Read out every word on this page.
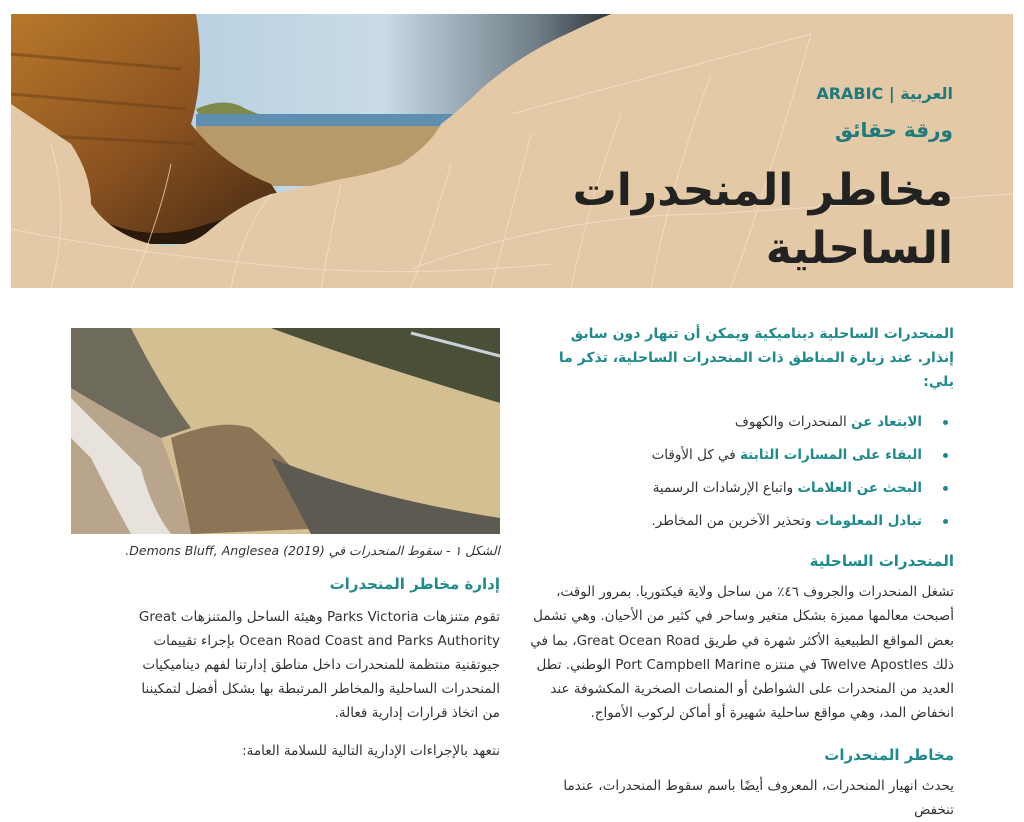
العربية | ARABIC
ورقة حقائق
مخاطر المنحدرات
الساحلية
الشكل ١ - سقوط المنحدرات في (2019) Demons Bluff, Anglesea.
إدارة مخاطر المنحدرات

تقوم متنزهات Parks Victoria وهيئة الساحل والمتنزهات Great Ocean Road Coast and Parks Authority بإجراء تقييمات جيوتقنية منتظمة للمنحدرات داخل مناطق إدارتنا لفهم ديناميكيات المنحدرات الساحلية والمخاطر المرتبطة بها بشكل أفضل لتمكيننا من اتخاذ قرارات إدارية فعالة.

نتعهد بالإجراءات الإدارية التالية للسلامة العامة:

المنحدرات الساحلية ديناميكية ويمكن أن تنهار دون سابق إنذار. عند زيارة المناطق ذات المنحدرات الساحلية، تذكر ما يلي:

الابتعاد عن المنحدرات والكهوف
البقاء على المسارات الثابتة في كل الأوقات
البحث عن العلامات واتباع الإرشادات الرسمية
تبادل المعلومات وتحذير الآخرين من المخاطر.
المنحدرات الساحلية

تشغل المنحدرات والجروف ٤٦٪ من ساحل ولاية فيكتوريا. بمرور الوقت، أصبحت معالمها مميزة بشكل متغير وساحر في كثير من الأحيان. وهي تشمل بعض المواقع الطبيعية الأكثر شهرة في طريق Great Ocean Road، بما في ذلك Twelve Apostles في منتزه Port Campbell Marine الوطني. تطل العديد من المنحدرات على الشواطئ أو المنصات الصخرية المكشوفة عند انخفاض المد، وهي مواقع ساحلية شهيرة أو أماكن لركوب الأمواج.

مخاطر المنحدرات

يحدث انهيار المنحدرات، المعروف أيضًا باسم سقوط المنحدرات، عندما تنخفض
